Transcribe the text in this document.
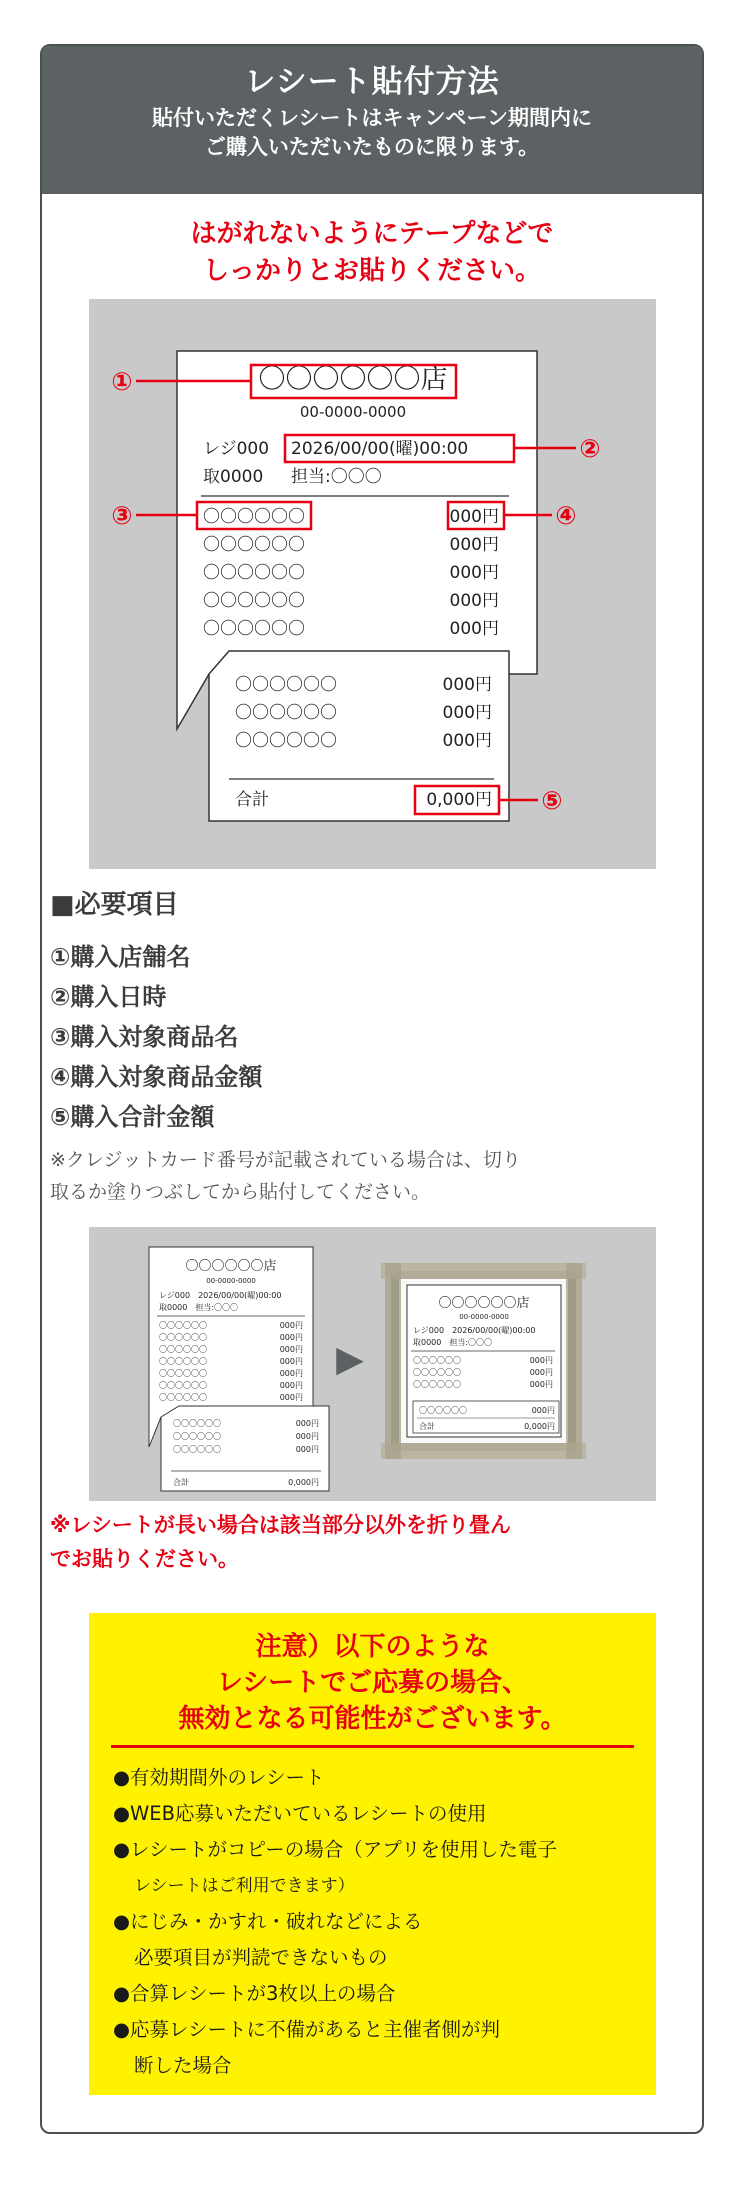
レシート貼付方法
貼付いただくレシートはキャンペーン期間内に
ご購入いただいたものに限ります。
はがれないようにテープなどで
しっかりとお貼りください。
〇〇〇〇〇〇店
00-0000-0000
レジ000 2026/00/00(曜)00:00
取0000 担当:〇〇〇
〇〇〇〇〇〇	000円
〇〇〇〇〇〇	000円
〇〇〇〇〇〇	000円
〇〇〇〇〇〇	000円
〇〇〇〇〇〇	000円
〇〇〇〇〇〇	000円
〇〇〇〇〇〇	000円
〇〇〇〇〇〇	000円
合計	0,000円
①
②
③	④
⑤
■必要項目
①購入店舗名
②購入日時
③購入対象商品名
④購入対象商品金額
⑤購入合計金額
※クレジットカード番号が記載されている場合は、切り
取るか塗りつぶしてから貼付してください。
〇〇〇〇〇〇店
00-0000-0000
レジ000　2026/00/00(曜)00:00
取0000　担当:〇〇〇
〇〇〇〇〇〇	000円
〇〇〇〇〇〇	000円
〇〇〇〇〇〇	000円
〇〇〇〇〇〇	000円
〇〇〇〇〇〇	000円
〇〇〇〇〇〇	000円
〇〇〇〇〇〇	000円
〇〇〇〇〇〇	000円
〇〇〇〇〇〇	000円
〇〇〇〇〇〇	000円
合計	0,000円
▶
〇〇〇〇〇〇店
00-0000-0000
レジ000　2026/00/00(曜)00:00
取0000　担当:〇〇〇
〇〇〇〇〇〇	000円
〇〇〇〇〇〇	000円
〇〇〇〇〇〇	000円
〇〇〇〇〇〇	000円
合計	0,000円
※レシートが長い場合は該当部分以外を折り畳ん
でお貼りください。
注意）以下のような
レシートでご応募の場合、
無効となる可能性がございます。
●有効期間外のレシート
●WEB応募いただいているレシートの使用
●レシートがコピーの場合（アプリを使用した電子
レシートはご利用できます）
●にじみ・かすれ・破れなどによる
必要項目が判読できないもの
●合算レシートが3枚以上の場合
●応募レシートに不備があると主催者側が判
断した場合
